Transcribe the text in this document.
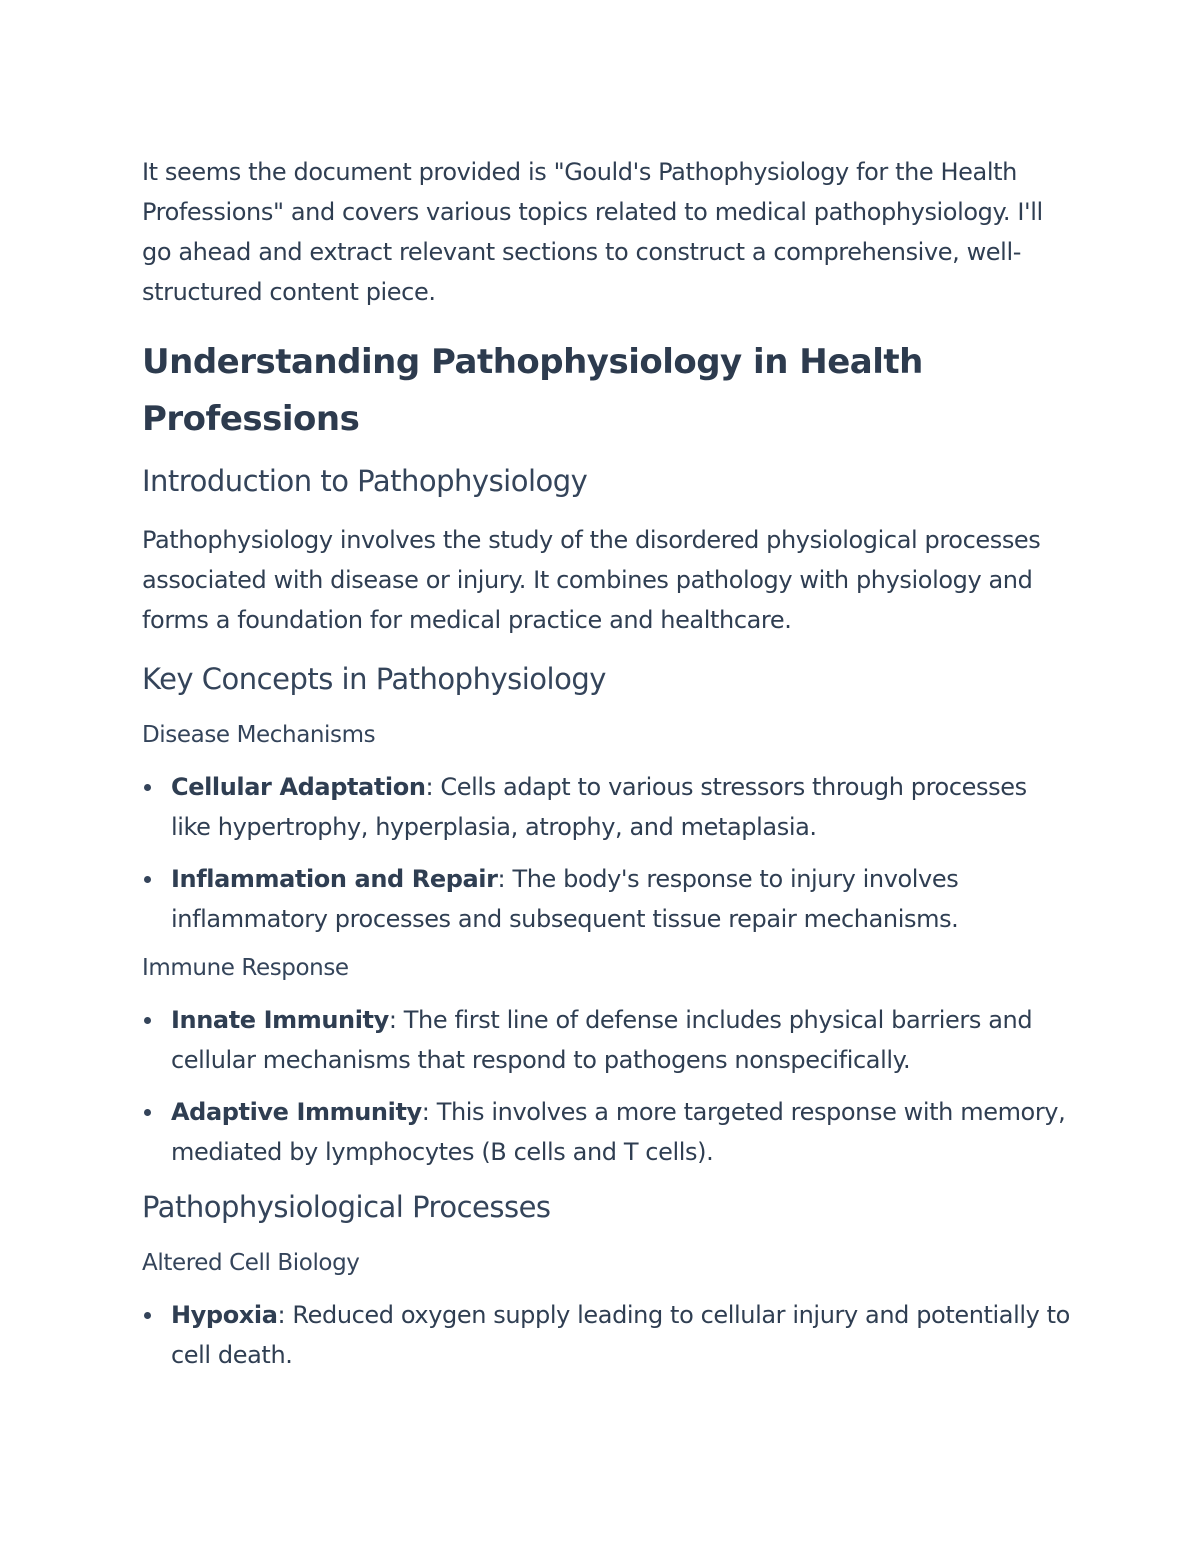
It seems the document provided is "Gould's Pathophysiology for the Health Professions" and covers various topics related to medical pathophysiology. I'll go ahead and extract relevant sections to construct a comprehensive, well-structured content piece.

Understanding Pathophysiology in Health Professions
Introduction to Pathophysiology

Pathophysiology involves the study of the disordered physiological processes associated with disease or injury. It combines pathology with physiology and forms a foundation for medical practice and healthcare.

Key Concepts in Pathophysiology
Disease Mechanisms
Cellular Adaptation: Cells adapt to various stressors through processes like hypertrophy, hyperplasia, atrophy, and metaplasia.
Inflammation and Repair: The body's response to injury involves inflammatory processes and subsequent tissue repair mechanisms.
Immune Response
Innate Immunity: The first line of defense includes physical barriers and cellular mechanisms that respond to pathogens nonspecifically.
Adaptive Immunity: This involves a more targeted response with memory, mediated by lymphocytes (B cells and T cells).
Pathophysiological Processes
Altered Cell Biology
Hypoxia: Reduced oxygen supply leading to cellular injury and potentially to cell death.
